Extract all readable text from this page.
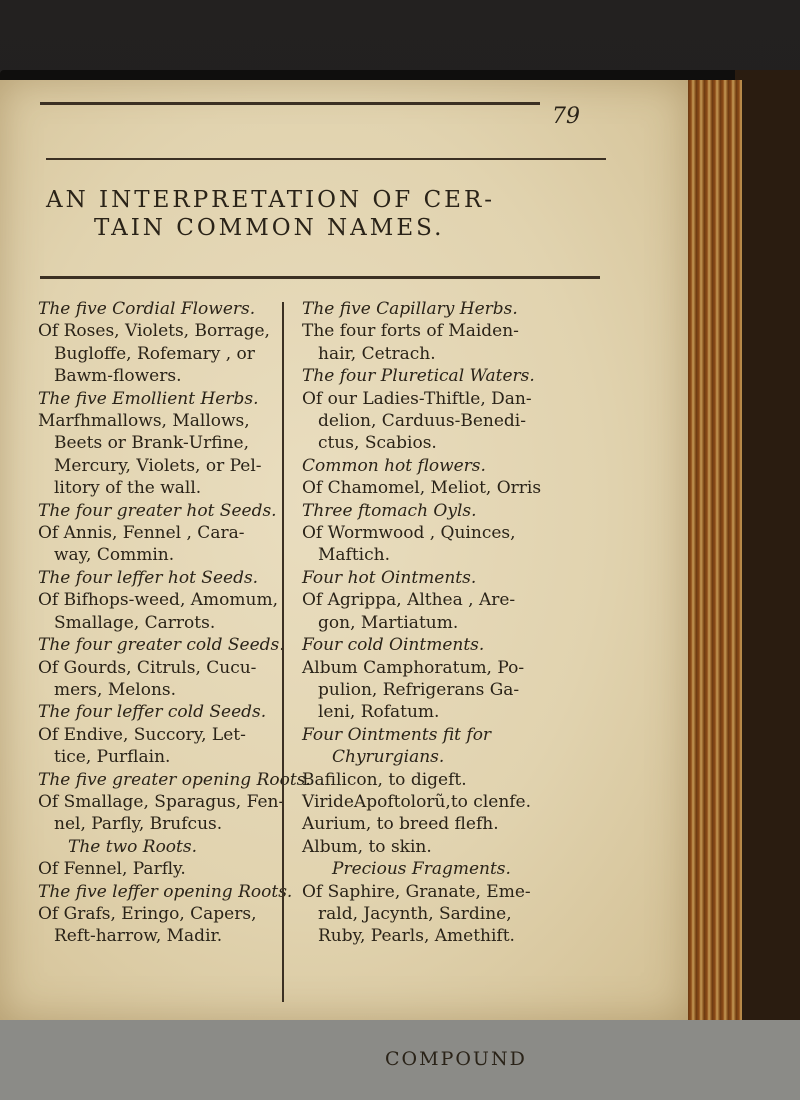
79
AN INTERPRETATION OF CER-
TAIN COMMON NAMES.
The five Cordial Flowers.
Of Roses, Violets, Borrage,
Bugloffe, Rofemary , or
Bawm-flowers.
The five Emollient Herbs.
Marfhmallows, Mallows,
Beets or Brank-Urfine,
Mercury, Violets, or Pel-
litory of the wall.
The four greater hot Seeds.
Of Annis, Fennel , Cara-
way, Commin.
The four leffer hot Seeds.
Of Bifhops-weed, Amomum,
Smallage, Carrots.
The four greater cold Seeds.
Of Gourds, Citruls, Cucu-
mers, Melons.
The four leffer cold Seeds.
Of Endive, Succory, Let-
tice, Purflain.
The five greater opening Roots.
Of Smallage, Sparagus, Fen-
nel, Parfly, Brufcus.
The two Roots.
Of Fennel, Parfly.
The five leffer opening Roots.
Of Grafs, Eringo, Capers,
Reft-harrow, Madir.
The five Capillary Herbs.
The four forts of Maiden-
hair, Cetrach.
The four Pluretical Waters.
Of our Ladies-Thiftle, Dan-
delion, Carduus-Benedi-
ctus, Scabios.
Common hot flowers.
Of Chamomel, Meliot, Orris
Three ftomach Oyls.
Of Wormwood , Quinces,
Maftich.
Four hot Ointments.
Of Agrippa, Althea , Are-
gon, Martiatum.
Four cold Ointments.
Album Camphoratum, Po-
pulion, Refrigerans Ga-
leni, Rofatum.
Four Ointments fit for
Chyrurgians.
Bafilicon, to digeft.
VirideApoftolorũ,to clenfe.
Aurium, to breed flefh.
Album, to skin.
Precious Fragments.
Of Saphire, Granate, Eme-
rald, Jacynth, Sardine,
Ruby, Pearls, Amethift.
COMPOUND
